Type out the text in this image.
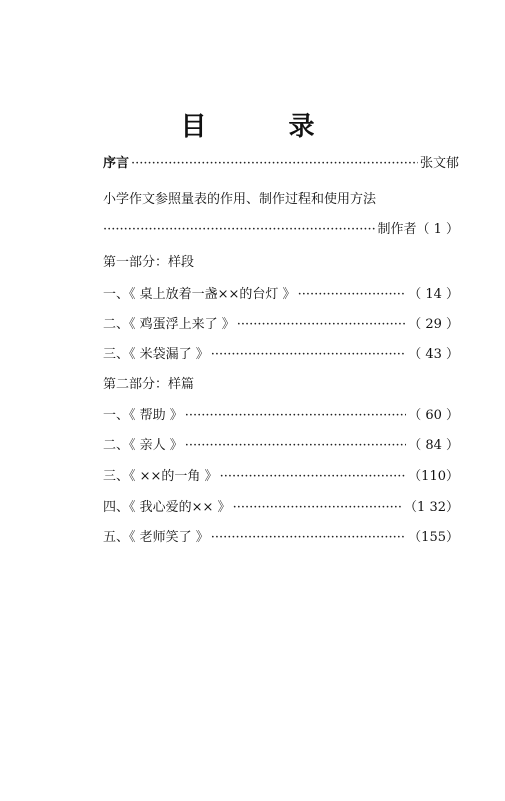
目　录
序言 ·····	张文郁
小学作文参照量表的作用、制作过程和使用方法
·····
制作者 （ 1 ）
第一部分：样段
一、《 桌上放着一盏××的台灯 》 ·····	（ 14 ）
二、《 鸡蛋浮上来了 》 ·····	（ 29 ）
三、《 米袋漏了 》 ·····	（ 43 ）
第二部分：样篇
一、《 帮助 》 ·····	（ 60 ）
二、《 亲人 》 ·····	（ 84 ）
三、《 ××的一角 》 ·····	（110）
四、《 我心爱的×× 》 ·····	（1 32）
五、《 老师笑了 》 ·····	（155）
